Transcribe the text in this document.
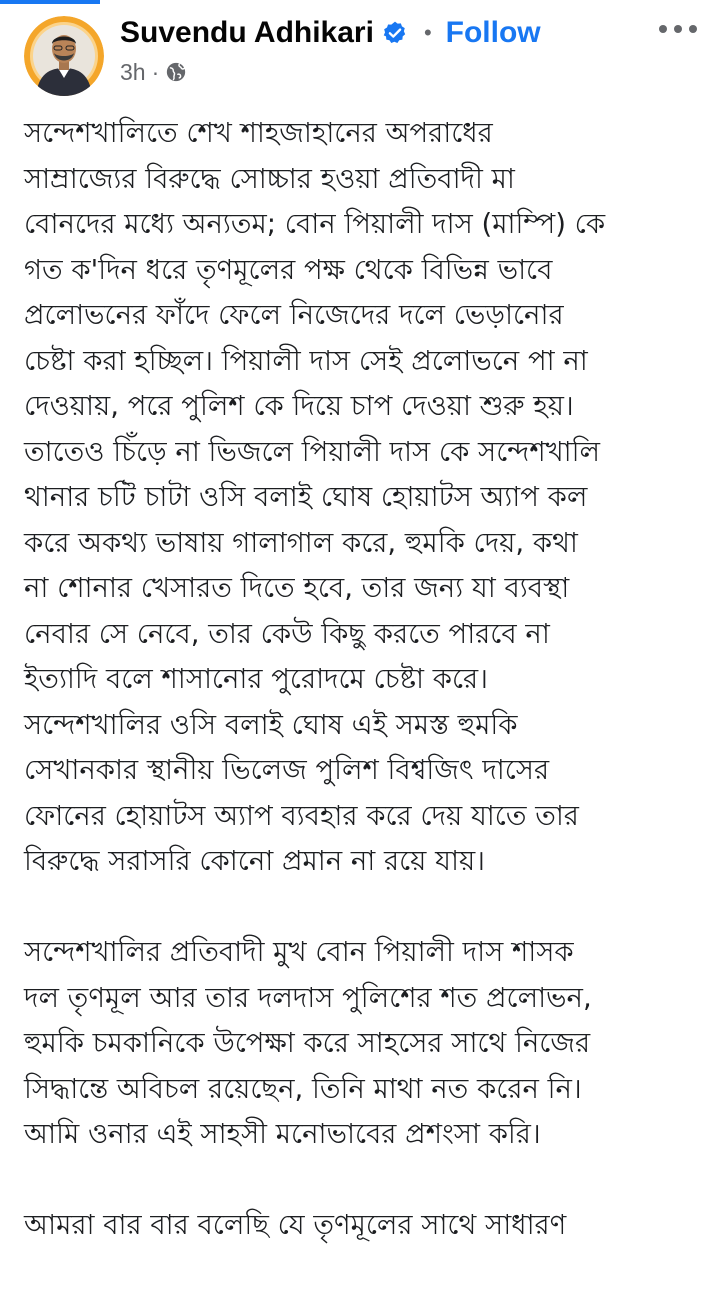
Suvendu Adhikari • Follow
3h ·

সন্দেশখালিতে শেখ শাহজাহানের অপরাধের
সাম্রাজ্যের বিরুদ্ধে সোচ্চার হওয়া প্রতিবাদী মা
বোনদের মধ্যে অন্যতম; বোন পিয়ালী দাস (মাম্পি) কে
গত ক'দিন ধরে তৃণমূলের পক্ষ থেকে বিভিন্ন ভাবে
প্রলোভনের ফাঁদে ফেলে নিজেদের দলে ভেড়ানোর
চেষ্টা করা হচ্ছিল। পিয়ালী দাস সেই প্রলোভনে পা না
দেওয়ায়, পরে পুলিশ কে দিয়ে চাপ দেওয়া শুরু হয়।
তাতেও চিঁড়ে না ভিজলে পিয়ালী দাস কে সন্দেশখালি
থানার চটি চাটা ওসি বলাই ঘোষ হোয়াটস অ্যাপ কল
করে অকথ্য ভাষায় গালাগাল করে, হুমকি দেয়, কথা
না শোনার খেসারত দিতে হবে, তার জন্য যা ব্যবস্থা
নেবার সে নেবে, তার কেউ কিছু করতে পারবে না
ইত্যাদি বলে শাসানোর পুরোদমে চেষ্টা করে।
সন্দেশখালির ওসি বলাই ঘোষ এই সমস্ত হুমকি
সেখানকার স্থানীয় ভিলেজ পুলিশ বিশ্বজিৎ দাসের
ফোনের হোয়াটস অ্যাপ ব্যবহার করে দেয় যাতে তার
বিরুদ্ধে সরাসরি কোনো প্রমান না রয়ে যায়।

সন্দেশখালির প্রতিবাদী মুখ বোন পিয়ালী দাস শাসক
দল তৃণমূল আর তার দলদাস পুলিশের শত প্রলোভন,
হুমকি চমকানিকে উপেক্ষা করে সাহসের সাথে নিজের
সিদ্ধান্তে অবিচল রয়েছেন, তিনি মাথা নত করেন নি।
আমি ওনার এই সাহসী মনোভাবের প্রশংসা করি।

আমরা বার বার বলেছি যে তৃণমূলের সাথে সাধারণ
